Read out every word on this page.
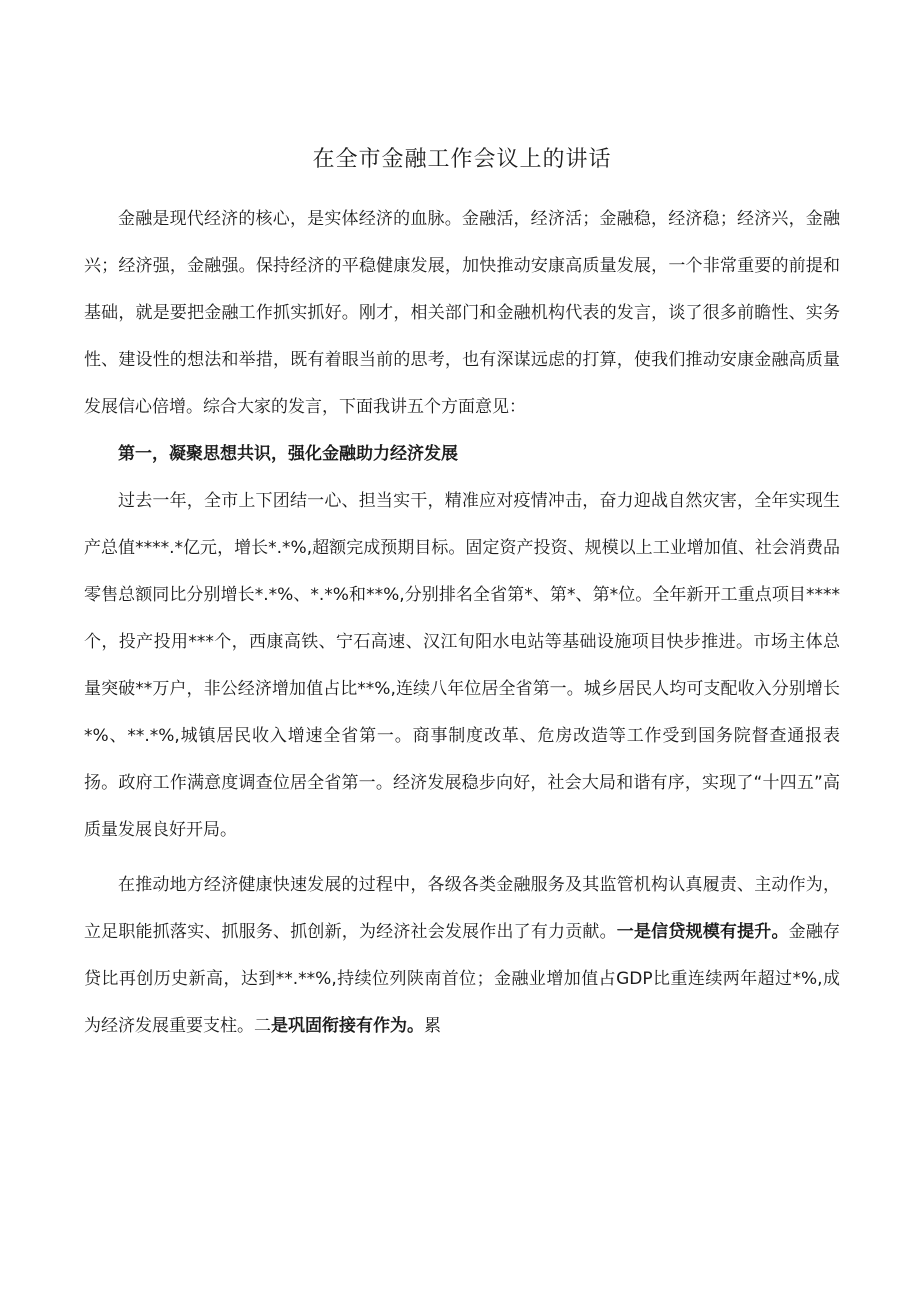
在全市金融工作会议上的讲话

金融是现代经济的核心，是实体经济的血脉。金融活，经济活；金融稳，经济稳；经济兴，金融兴；经济强，金融强。保持经济的平稳健康发展，加快推动安康高质量发展，一个非常重要的前提和基础，就是要把金融工作抓实抓好。刚才，相关部门和金融机构代表的发言，谈了很多前瞻性、实务性、建设性的想法和举措，既有着眼当前的思考，也有深谋远虑的打算，使我们推动安康金融高质量发展信心倍增。综合大家的发言，下面我讲五个方面意见：

第一，凝聚思想共识，强化金融助力经济发展

过去一年，全市上下团结一心、担当实干，精准应对疫情冲击，奋力迎战自然灾害，全年实现生产总值****.*亿元，增长*.*%,超额完成预期目标。固定资产投资、规模以上工业增加值、社会消费品零售总额同比分别增长*.*%、*.*%和**%,分别排名全省第*、第*、第*位。全年新开工重点项目****个，投产投用***个，西康高铁、宁石高速、汉江旬阳水电站等基础设施项目快步推进。市场主体总量突破**万户，非公经济增加值占比**%,连续八年位居全省第一。城乡居民人均可支配收入分别增长*%、**.*%,城镇居民收入增速全省第一。商事制度改革、危房改造等工作受到国务院督查通报表扬。政府工作满意度调查位居全省第一。经济发展稳步向好，社会大局和谐有序，实现了“十四五”高质量发展良好开局。

在推动地方经济健康快速发展的过程中，各级各类金融服务及其监管机构认真履责、主动作为，立足职能抓落实、抓服务、抓创新，为经济社会发展作出了有力贡献。一是信贷规模有提升。金融存贷比再创历史新高，达到**.**%,持续位列陕南首位；金融业增加值占GDP比重连续两年超过*%,成为经济发展重要支柱。二是巩固衔接有作为。累
